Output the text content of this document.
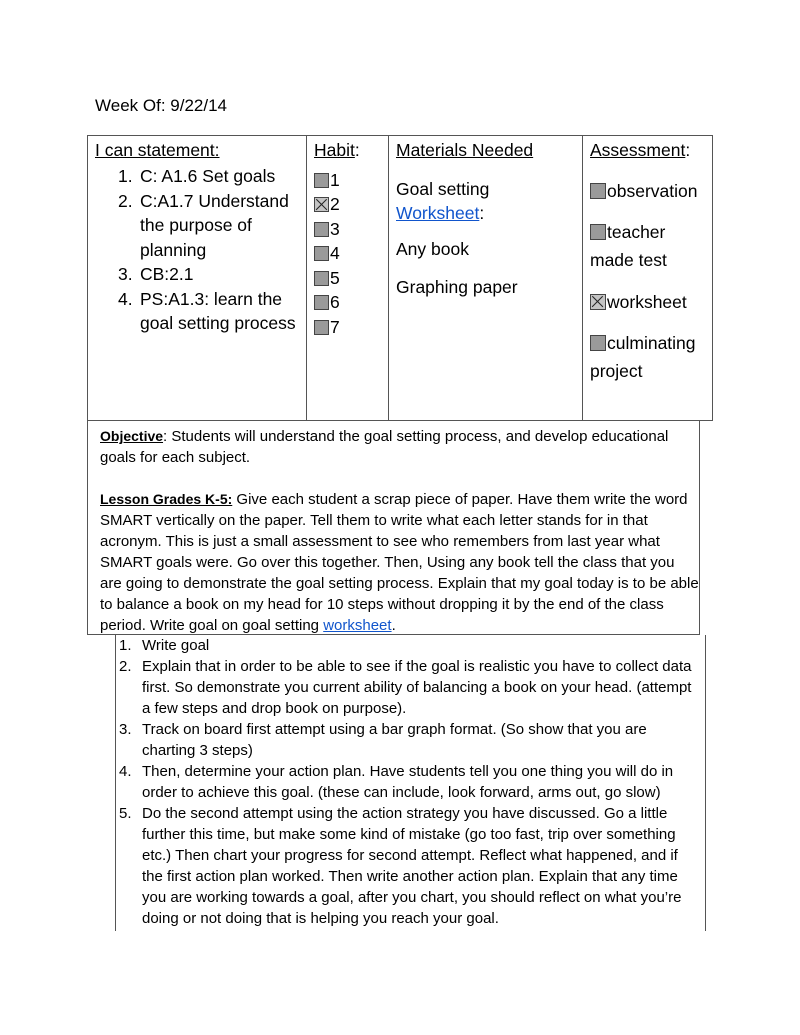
Week Of: 9/22/14
I can statement:
1. C: A1.6 Set goals
2. C:A1.7 Understand the purpose of planning
3. CB:2.1
4. PS:A1.3: learn the goal setting process
Habit:
1
2
3
4
5
6
7
Materials Needed
Goal setting
Worksheet:
Any book
Graphing paper
Assessment:
observation
teacher made test
worksheet
culminating project

Objective: Students will understand the goal setting process, and develop educational goals for each subject.

Lesson Grades K-5: Give each student a scrap piece of paper. Have them write the word SMART vertically on the paper. Tell them to write what each letter stands for in that acronym. This is just a small assessment to see who remembers from last year what SMART goals were. Go over this together. Then, Using any book tell the class that you are going to demonstrate the goal setting process. Explain that my goal today is to be able to balance a book on my head for 10 steps without dropping it by the end of the class period. Write goal on goal setting worksheet.

1. Write goal
2. Explain that in order to be able to see if the goal is realistic you have to collect data first. So demonstrate you current ability of balancing a book on your head. (attempt a few steps and drop book on purpose).
3. Track on board first attempt using a bar graph format. (So show that you are charting 3 steps)
4. Then, determine your action plan. Have students tell you one thing you will do in order to achieve this goal. (these can include, look forward, arms out, go slow)
5. Do the second attempt using the action strategy you have discussed. Go a little further this time, but make some kind of mistake (go too fast, trip over something etc.) Then chart your progress for second attempt. Reflect what happened, and if the first action plan worked. Then write another action plan. Explain that any time you are working towards a goal, after you chart, you should reflect on what you’re doing or not doing that is helping you reach your goal.
